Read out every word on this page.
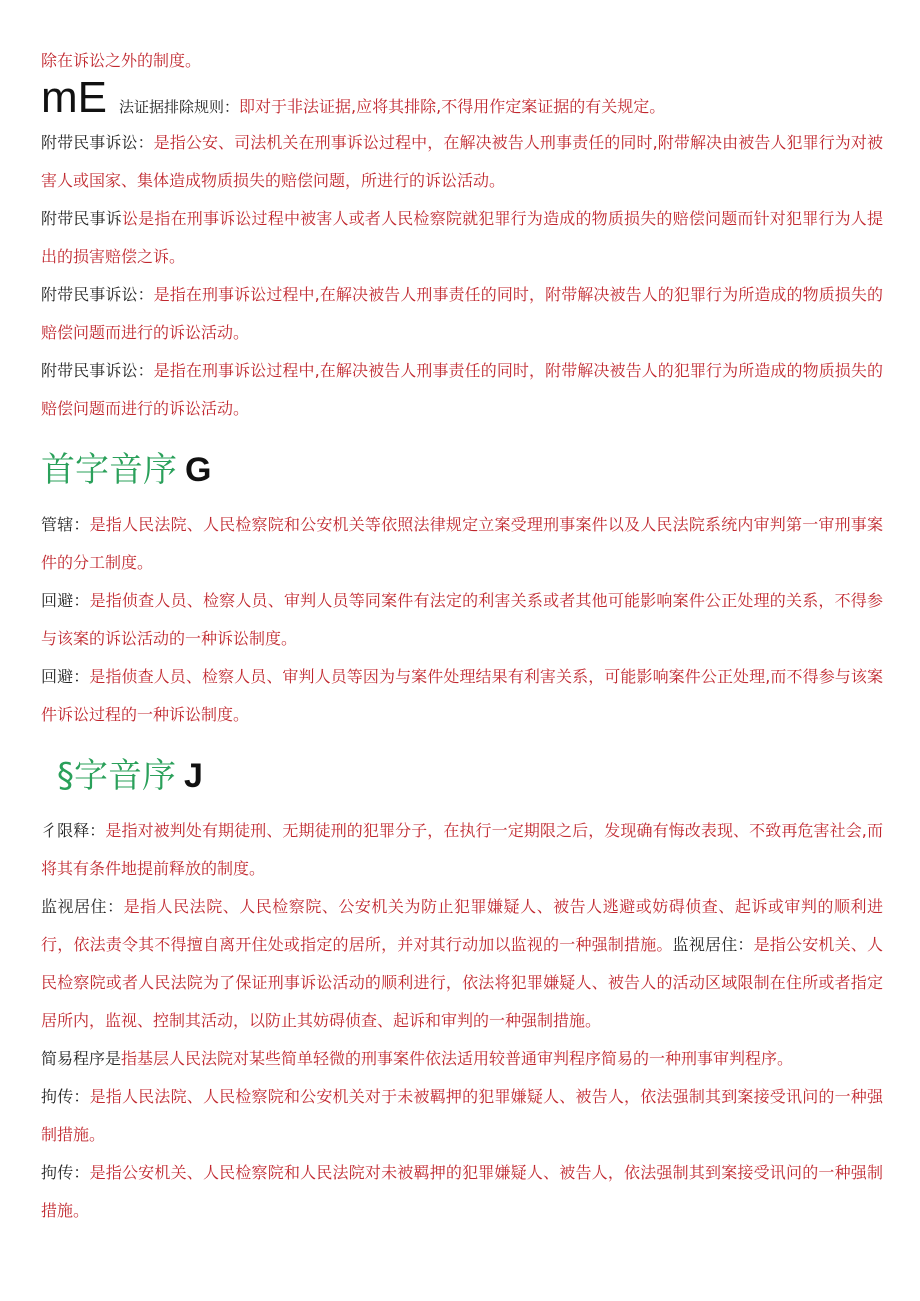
除在诉讼之外的制度。

mE 法证据排除规则： 即对于非法证据,应将其排除,不得用作定案证据的有关规定。

附带民事诉讼：是指公安、司法机关在刑事诉讼过程中，在解决被告人刑事责任的同时,附带解决由被告人犯罪行为对被害人或国家、集体造成物质损失的赔偿问题，所进行的诉讼活动。

附带民事诉讼是指在刑事诉讼过程中被害人或者人民检察院就犯罪行为造成的物质损失的赔偿问题而针对犯罪行为人提出的损害赔偿之诉。

附带民事诉讼：是指在刑事诉讼过程中,在解决被告人刑事责任的同时，附带解决被告人的犯罪行为所造成的物质损失的赔偿问题而进行的诉讼活动。

附带民事诉讼：是指在刑事诉讼过程中,在解决被告人刑事责任的同时，附带解决被告人的犯罪行为所造成的物质损失的赔偿问题而进行的诉讼活动。

首字音序 G

管辖：是指人民法院、人民检察院和公安机关等依照法律规定立案受理刑事案件以及人民法院系统内审判第一审刑事案件的分工制度。

回避：是指侦查人员、检察人员、审判人员等同案件有法定的利害关系或者其他可能影响案件公正处理的关系，不得参与该案的诉讼活动的一种诉讼制度。

回避：是指侦查人员、检察人员、审判人员等因为与案件处理结果有利害关系，可能影响案件公正处理,而不得参与该案件诉讼过程的一种诉讼制度。

§字音序 J

彳限释：是指对被判处有期徒刑、无期徒刑的犯罪分子，在执行一定期限之后，发现确有悔改表现、不致再危害社会,而将其有条件地提前释放的制度。

监视居住：是指人民法院、人民检察院、公安机关为防止犯罪嫌疑人、被告人逃避或妨碍侦查、起诉或审判的顺利进行，依法责令其不得擅自离开住处或指定的居所，并对其行动加以监视的一种强制措施。监视居住：是指公安机关、人民检察院或者人民法院为了保证刑事诉讼活动的顺利进行，依法将犯罪嫌疑人、被告人的活动区域限制在住所或者指定居所内，监视、控制其活动，以防止其妨碍侦查、起诉和审判的一种强制措施。

简易程序是指基层人民法院对某些简单轻微的刑事案件依法适用较普通审判程序简易的一种刑事审判程序。

拘传：是指人民法院、人民检察院和公安机关对于未被羁押的犯罪嫌疑人、被告人，依法强制其到案接受讯问的一种强制措施。

拘传：是指公安机关、人民检察院和人民法院对未被羁押的犯罪嫌疑人、被告人，依法强制其到案接受讯问的一种强制措施。
